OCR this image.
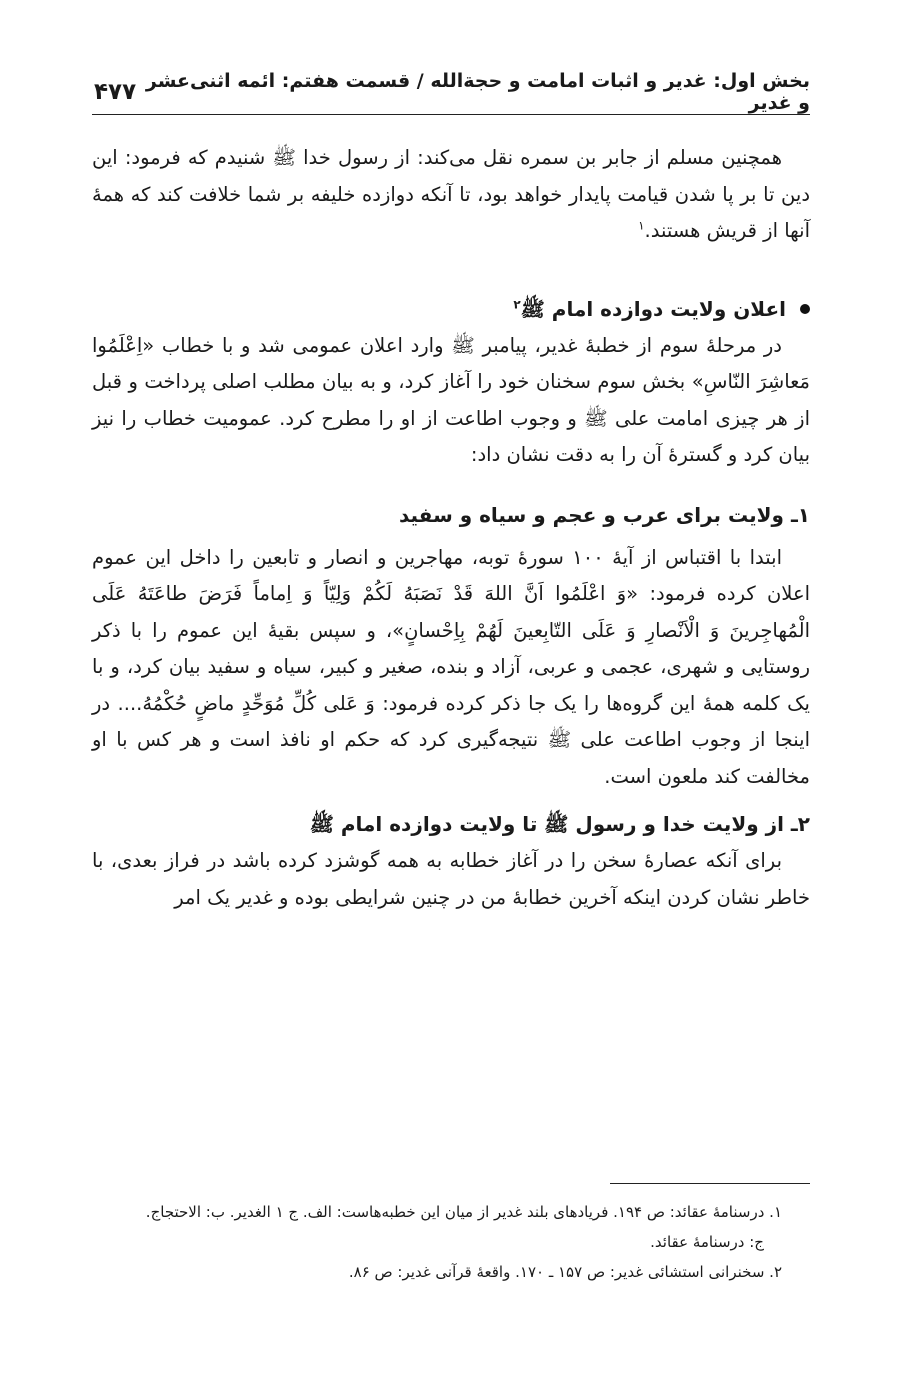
بخش اول: غدیر و اثبات امامت و حجةالله / قسمت هفتم: ائمه اثنی‌عشر و غدیر
۴۷۷

همچنین مسلم از جابر بن سمره نقل می‌کند: از رسول خدا ﷺ شنیدم که فرمود: این دین تا بر پا شدن قیامت پایدار خواهد بود، تا آنکه دوازده خلیفه بر شما خلافت کند که همهٔ آنها از قریش هستند.$^۱$

اعلان ولایت دوازده امام ﷺ$^۲$

در مرحلهٔ سوم از خطبهٔ غدیر، پیامبر ﷺ وارد اعلان عمومی شد و با خطاب «اِعْلَمُوا مَعاشِرَ النّاسِ» بخش سوم سخنان خود را آغاز کرد، و به بیان مطلب اصلی پرداخت و قبل از هر چیزی امامت علی ﷺ و وجوب اطاعت از او را مطرح کرد. عمومیت خطاب را نیز بیان کرد و گسترهٔ آن را به دقت نشان داد:

۱ـ ولایت برای عرب و عجم و سیاه و سفید

ابتدا با اقتباس از آیهٔ ۱۰۰ سورهٔ توبه، مهاجرین و انصار و تابعین را داخل این عموم اعلان کرده فرمود: «وَ اعْلَمُوا اَنَّ اللهَ قَدْ نَصَبَهُ لَكُمْ وَلِيّاً وَ اِماماً فَرَضَ طاعَتَهُ عَلَى الْمُهاجِرينَ وَ الْاَنْصارِ وَ عَلَى التّابِعينَ لَهُمْ بِاِحْسانٍ»، و سپس بقیهٔ این عموم را با ذکر روستایی و شهری، عجمی و عربی، آزاد و بنده، صغیر و کبیر، سیاه و سفید بیان کرد، و با یک کلمه همهٔ این گروه‌ها را یک جا ذکر کرده فرمود: وَ عَلى كُلِّ مُوَحِّدٍ ماضٍ حُكْمُهُ.... در اینجا از وجوب اطاعت علی ﷺ نتیجه‌گیری کرد که حکم او نافذ است و هر کس با او مخالفت کند ملعون است.

۲ـ از ولایت خدا و رسول ﷺ تا ولایت دوازده امام ﷺ

برای آنکه عصارهٔ سخن را در آغاز خطابه به همه گوشزد کرده باشد در فراز بعدی، با خاطر نشان کردن اینکه آخرین خطابهٔ من در چنین شرایطی بوده و غدیر یک امر

۱. درسنامهٔ عقائد: ص ۱۹۴. فریادهای بلند غدیر از میان این خطبه‌هاست: الف. ج ۱ الغدیر. ب: الاحتجاج.

ج: درسنامهٔ عقائد.

۲. سخنرانی استشائی غدیر: ص ۱۵۷ ـ ۱۷۰. واقعهٔ قرآنی غدیر: ص ۸۶.
